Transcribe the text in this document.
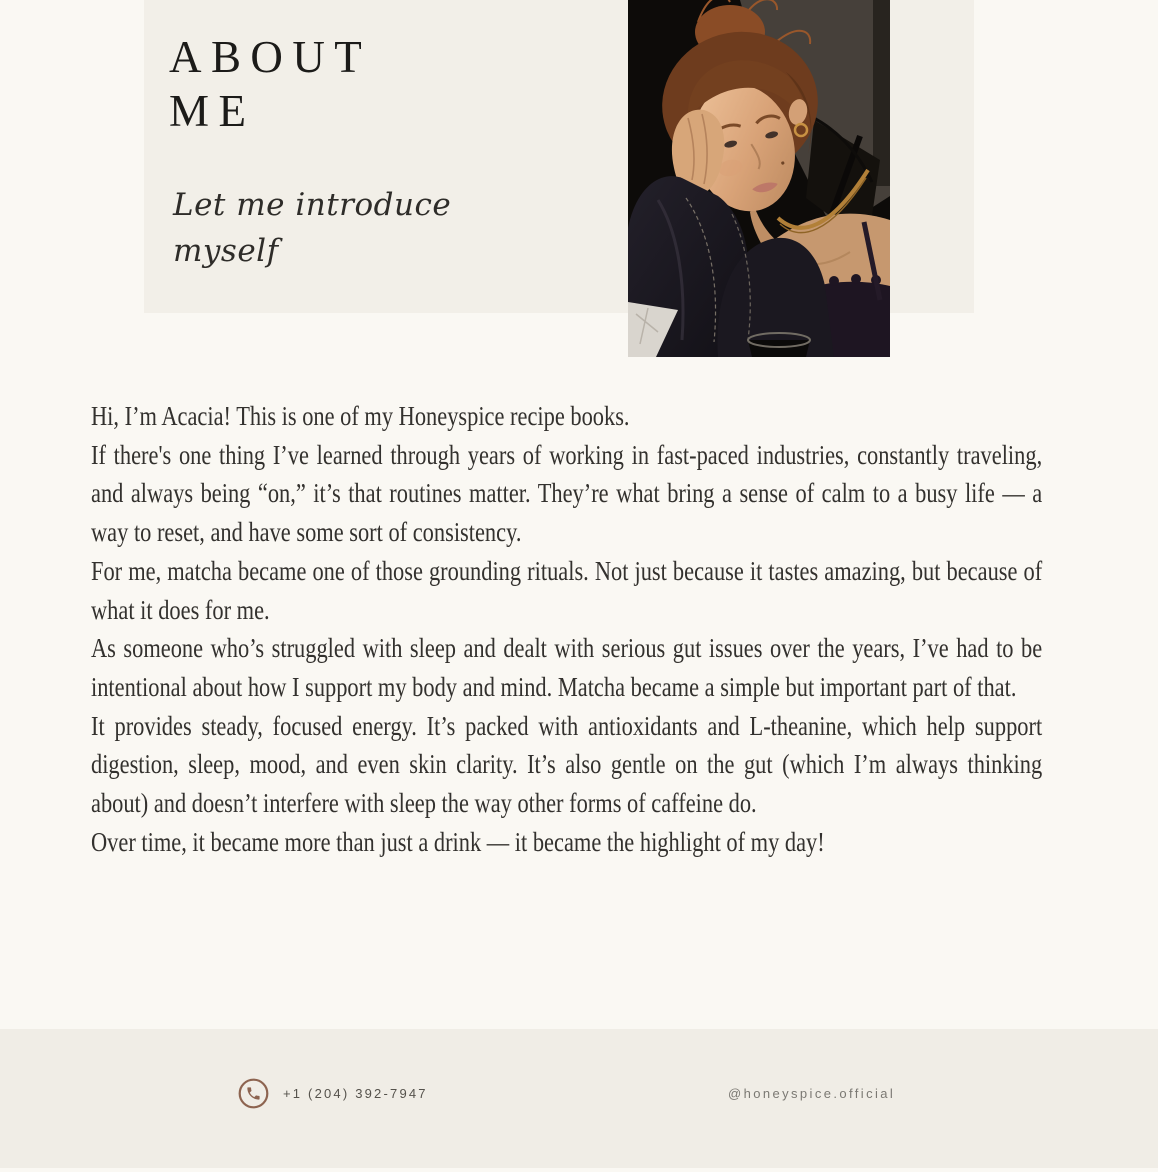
ABOUT
ME
Let me introduce
myself

Hi, I’m Acacia! This is one of my Honeyspice recipe books.

If there's one thing I’ve learned through years of working in fast-paced industries, constantly traveling, and always being “on,” it’s that routines matter. They’re what bring a sense of calm to a busy life — a way to reset, and have some sort of consistency.

For me, matcha became one of those grounding rituals. Not just because it tastes amazing, but because of what it does for me.

As someone who’s struggled with sleep and dealt with serious gut issues over the years, I’ve had to be intentional about how I support my body and mind. Matcha became a simple but important part of that.

It provides steady, focused energy. It’s packed with antioxidants and L-theanine, which help support digestion, sleep, mood, and even skin clarity. It’s also gentle on the gut (which I’m always thinking about) and doesn’t interfere with sleep the way other forms of caffeine do.

Over time, it became more than just a drink — it became the highlight of my day!

+1 (204) 392-7947	@honeyspice.official
